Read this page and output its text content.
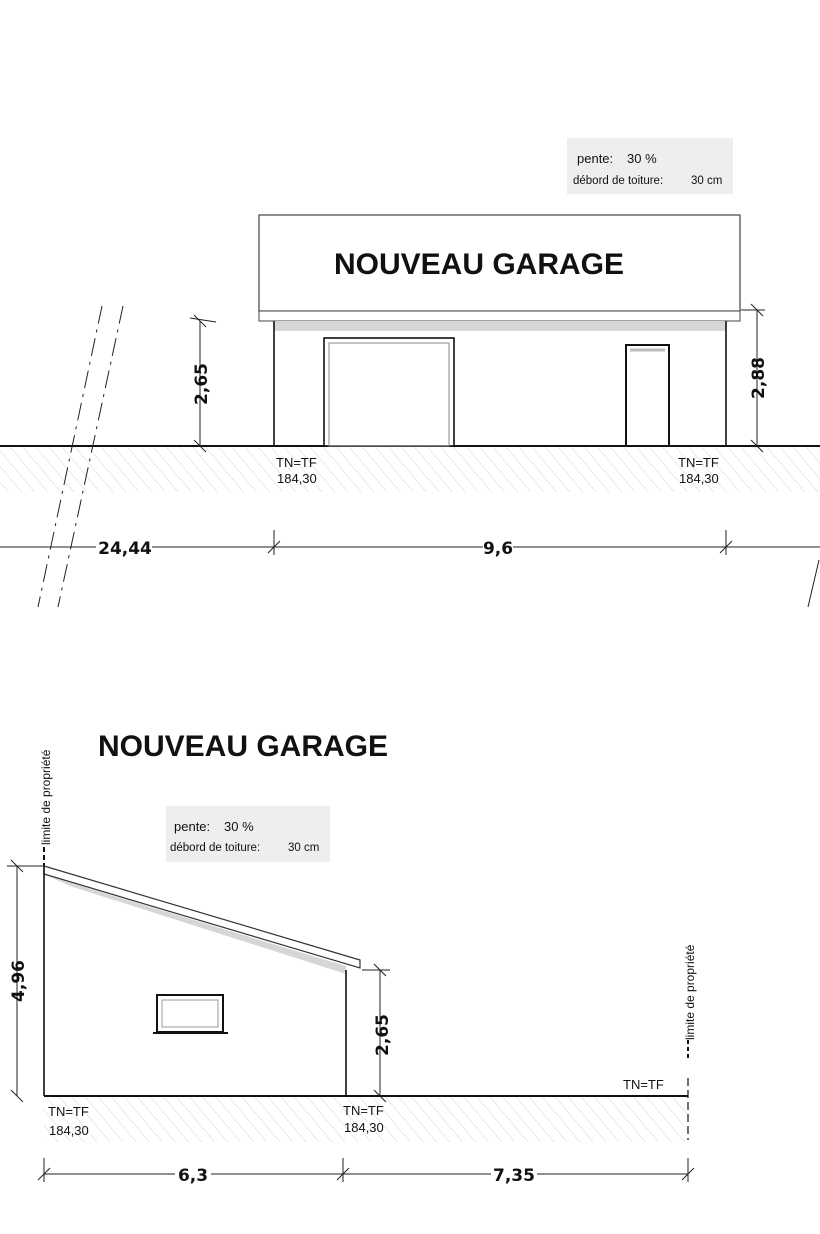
pente: 30 %
débord de toiture: 30 cm
NOUVEAU GARAGE
2,65	2,88
TN=TF
184,30
TN=TF
184,30
24,44	9,6
NOUVEAU GARAGE
pente: 30 %
débord de toiture: 30 cm
limite de propriété
4,96
2,65	limite de propriété
TN=TF
184,30
TN=TF
184,30
TN=TF
6,3	7,35
